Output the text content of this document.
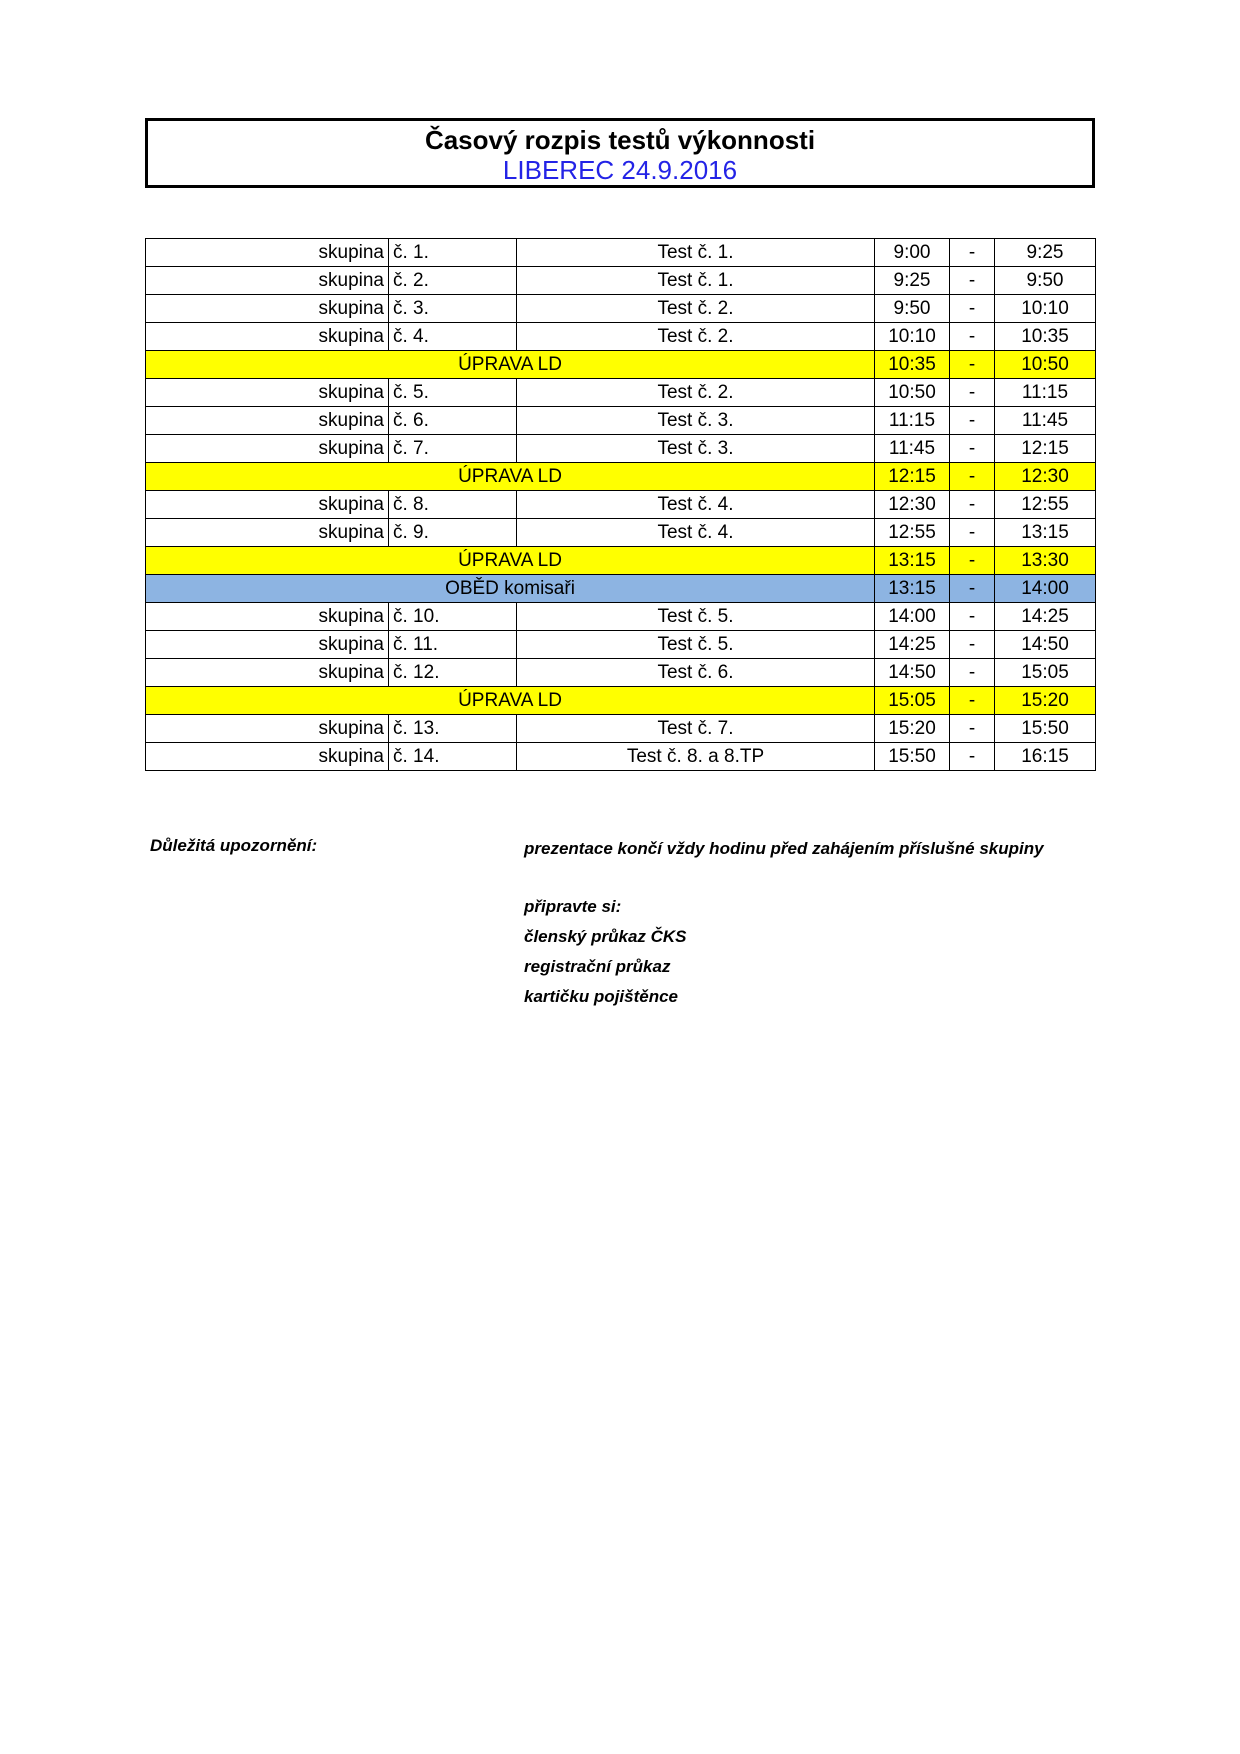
Časový rozpis testů výkonnosti
LIBEREC 24.9.2016
skupina	č. 1.	Test č. 1.	9:00	-	9:25
skupina	č. 2.	Test č. 1.	9:25	-	9:50
skupina	č. 3.	Test č. 2.	9:50	-	10:10
skupina	č. 4.	Test č. 2.	10:10	-	10:35
ÚPRAVA LD			10:35	-	10:50
skupina	č. 5.	Test č. 2.	10:50	-	11:15
skupina	č. 6.	Test č. 3.	11:15	-	11:45
skupina	č. 7.	Test č. 3.	11:45	-	12:15
ÚPRAVA LD			12:15	-	12:30
skupina	č. 8.	Test č. 4.	12:30	-	12:55
skupina	č. 9.	Test č. 4.	12:55	-	13:15
ÚPRAVA LD			13:15	-	13:30
OBĚD komisaři			13:15	-	14:00
skupina	č. 10.	Test č. 5.	14:00	-	14:25
skupina	č. 11.	Test č. 5.	14:25	-	14:50
skupina	č. 12.	Test č. 6.	14:50	-	15:05
ÚPRAVA LD			15:05	-	15:20
skupina	č. 13.	Test č. 7.	15:20	-	15:50
skupina	č. 14.	Test č. 8. a 8.TP	15:50	-	16:15
Důležitá upozornění:	prezentace končí vždy hodinu před zahájením příslušné skupiny
připravte si:
členský průkaz ČKS
registrační průkaz
kartičku pojištěnce
